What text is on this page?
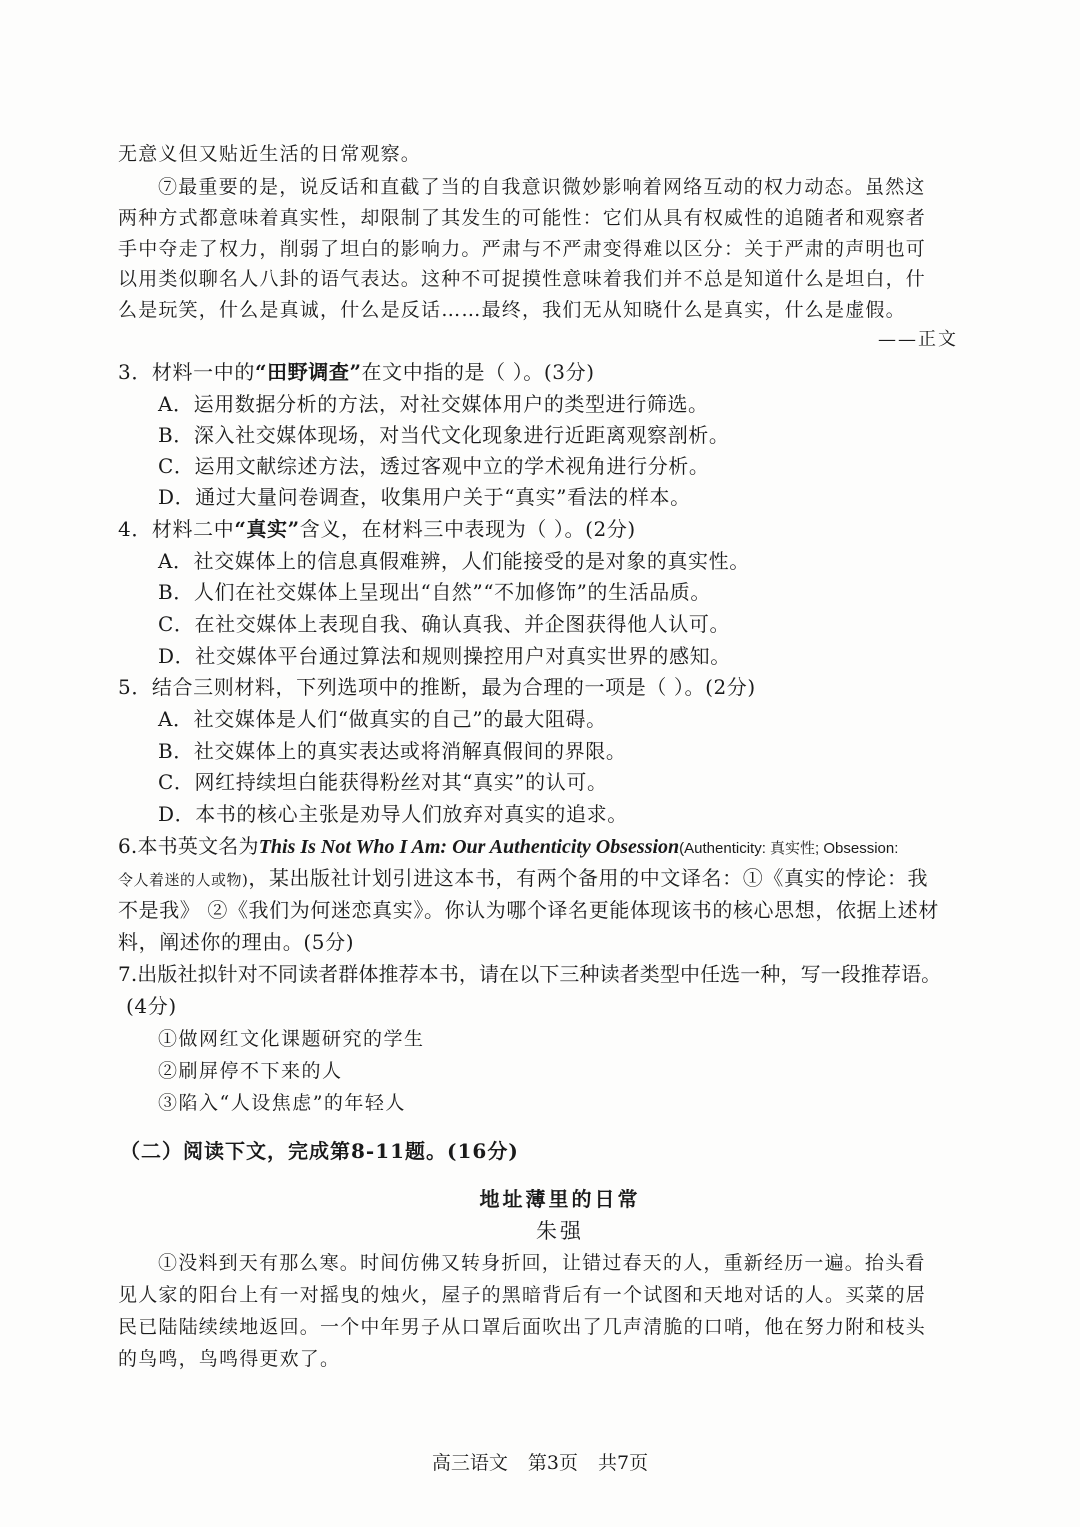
无意义但又贴近生活的日常观察。
⑦最重要的是，说反话和直截了当的自我意识微妙影响着网络互动的权力动态。虽然这
两种方式都意味着真实性，却限制了其发生的可能性：它们从具有权威性的追随者和观察者
手中夺走了权力，削弱了坦白的影响力。严肃与不严肃变得难以区分：关于严肃的声明也可
以用类似聊名人八卦的语气表达。这种不可捉摸性意味着我们并不总是知道什么是坦白，什
么是玩笑，什么是真诚，什么是反话……最终，我们无从知晓什么是真实，什么是虚假。
——正文
3．材料一中的“田野调查”在文中指的是（ ）。(3分)
A．运用数据分析的方法，对社交媒体用户的类型进行筛选。
B．深入社交媒体现场，对当代文化现象进行近距离观察剖析。
C．运用文献综述方法，透过客观中立的学术视角进行分析。
D．通过大量问卷调查，收集用户关于“真实”看法的样本。
4．材料二中“真实”含义，在材料三中表现为（ ）。(2分)
A．社交媒体上的信息真假难辨，人们能接受的是对象的真实性。
B．人们在社交媒体上呈现出“自然”“不加修饰”的生活品质。
C．在社交媒体上表现自我、确认真我、并企图获得他人认可。
D．社交媒体平台通过算法和规则操控用户对真实世界的感知。
5．结合三则材料，下列选项中的推断，最为合理的一项是（ ）。(2分)
A．社交媒体是人们“做真实的自己”的最大阻碍。
B．社交媒体上的真实表达或将消解真假间的界限。
C．网红持续坦白能获得粉丝对其“真实”的认可。
D．本书的核心主张是劝导人们放弃对真实的追求。
6.本书英文名为This Is Not Who I Am: Our Authenticity Obsession(Authenticity: 真实性; Obsession:
令人着迷的人或物)，某出版社计划引进这本书，有两个备用的中文译名：①《真实的悖论：我
不是我》 ②《我们为何迷恋真实》。你认为哪个译名更能体现该书的核心思想，依据上述材
料，阐述你的理由。(5分)
7.出版社拟针对不同读者群体推荐本书，请在以下三种读者类型中任选一种，写一段推荐语。
(4分)
①做网红文化课题研究的学生
②刷屏停不下来的人
③陷入“人设焦虑”的年轻人
（二）阅读下文，完成第8-11题。(16分)
地址薄里的日常
朱强
①没料到天有那么寒。时间仿佛又转身折回，让错过春天的人，重新经历一遍。抬头看
见人家的阳台上有一对摇曳的烛火，屋子的黑暗背后有一个试图和天地对话的人。买菜的居
民已陆陆续续地返回。一个中年男子从口罩后面吹出了几声清脆的口哨，他在努力附和枝头
的鸟鸣，鸟鸣得更欢了。
高三语文 第3页 共7页
